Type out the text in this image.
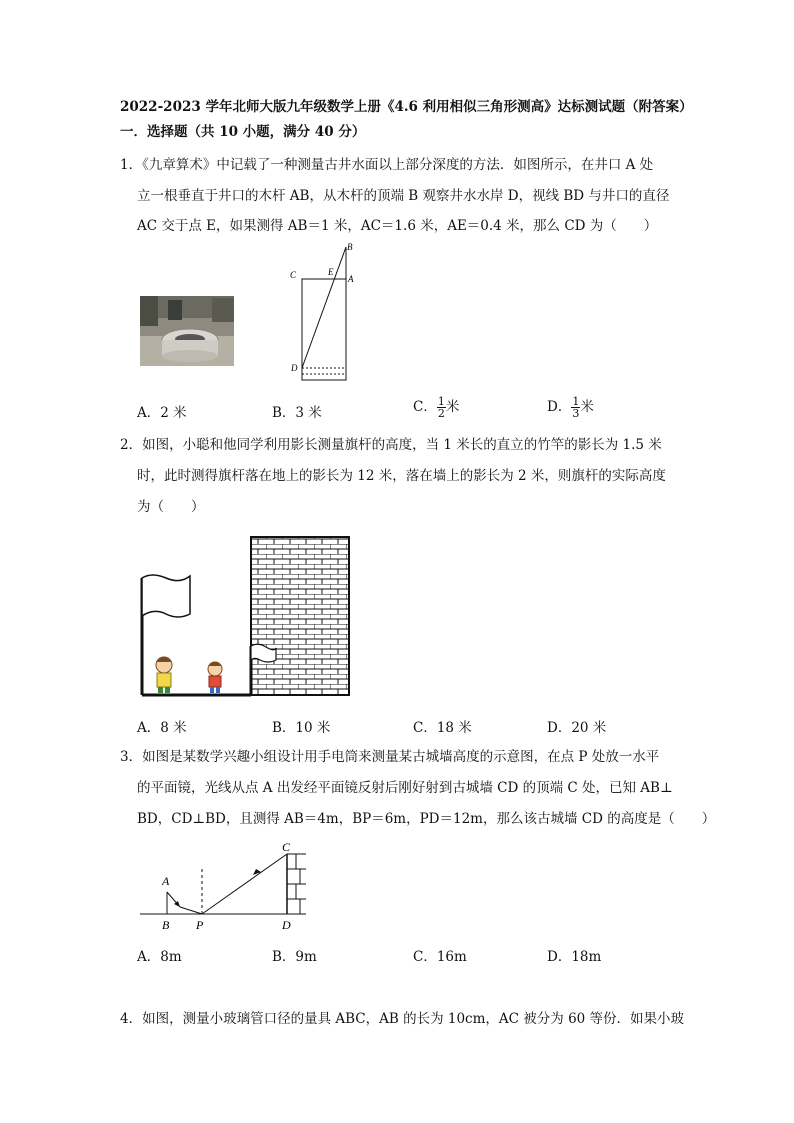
2022-2023 学年北师大版九年级数学上册《4.6 利用相似三角形测高》达标测试题（附答案）
一．选择题（共 10 小题，满分 40 分）
1．《九章算术》中记载了一种测量古井水面以上部分深度的方法．如图所示，在井口 A 处
立一根垂直于井口的木杆 AB，从木杆的顶端 B 观察井水水岸 D，视线 BD 与井口的直径
AC 交于点 E，如果测得 AB＝1 米，AC＝1.6 米，AE＝0.4 米，那么 CD 为（　　）
B
C	E
A
D
A．2 米	B．3 米	C． $\frac{1}{2}$ 米	D． $\frac{1}{3}$ 米
2．如图，小聪和他同学利用影长测量旗杆的高度，当 1 米长的直立的竹竿的影长为 1.5 米
时，此时测得旗杆落在地上的影长为 12 米，落在墙上的影长为 2 米，则旗杆的实际高度
为（　　）
A．8 米	B．10 米	C．18 米	D．20 米
3．如图是某数学兴趣小组设计用手电筒来测量某古城墙高度的示意图，在点 P 处放一水平
的平面镜，光线从点 A 出发经平面镜反射后刚好射到古城墙 CD 的顶端 C 处，已知 AB⊥
BD，CD⊥BD，且测得 AB＝4m，BP＝6m，PD＝12m，那么该古城墙 CD 的高度是（　　）
C
A
B P	D
A．8m	B．9m	C．16m	D．18m
4．如图，测量小玻璃管口径的量具 ABC，AB 的长为 10cm，AC 被分为 60 等份．如果小玻
